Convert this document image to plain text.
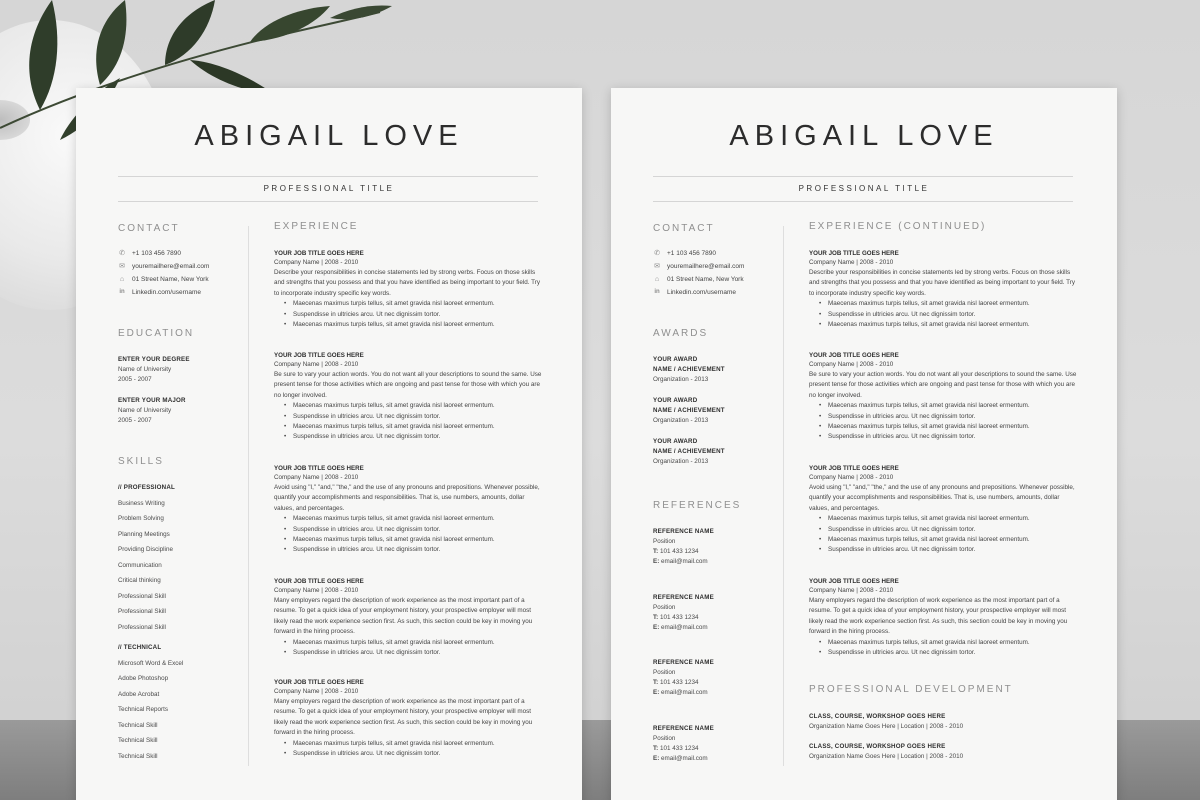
ABIGAIL LOVE
PROFESSIONAL TITLE
CONTACT
✆ +1 103 456 7890
✉ youremailhere@email.com
⌂ 01 Street Name, New York
in Linkedin.com/username
EDUCATION
ENTER YOUR DEGREE
Name of University
2005 - 2007
ENTER YOUR MAJOR
Name of University
2005 - 2007
SKILLS
// PROFESSIONAL
Business Writing
Problem Solving
Planning Meetings
Providing Discipline
Communication
Critical thinking
Professional Skill
Professional Skill
Professional Skill
// TECHNICAL
Microsoft Word & Excel
Adobe Photoshop
Adobe Acrobat
Technical Reports
Technical Skill
Technical Skill
Technical Skill
EXPERIENCE
YOUR JOB TITLE GOES HERE
Company Name | 2008 - 2010
Describe your responsibilities in concise statements led by strong verbs. Focus on those skills and strengths that you possess and that you have identified as being important to your field. Try to incorporate industry specific key words.
• Maecenas maximus turpis tellus, sit amet gravida nisl laoreet ermentum.
• Suspendisse in ultricies arcu. Ut nec dignissim tortor.
• Maecenas maximus turpis tellus, sit amet gravida nisl laoreet ermentum.
YOUR JOB TITLE GOES HERE
Company Name | 2008 - 2010
Be sure to vary your action words. You do not want all your descriptions to sound the same. Use present tense for those activities which are ongoing and past tense for those with which you are no longer involved.
• Maecenas maximus turpis tellus, sit amet gravida nisl laoreet ermentum.
• Suspendisse in ultricies arcu. Ut nec dignissim tortor.
• Maecenas maximus turpis tellus, sit amet gravida nisl laoreet ermentum.
• Suspendisse in ultricies arcu. Ut nec dignissim tortor.
YOUR JOB TITLE GOES HERE
Company Name | 2008 - 2010
Avoid using "I," "and," "the," and the use of any pronouns and prepositions. Whenever possible, quantify your accomplishments and responsibilities. That is, use numbers, amounts, dollar values, and percentages.
• Maecenas maximus turpis tellus, sit amet gravida nisl laoreet ermentum.
• Suspendisse in ultricies arcu. Ut nec dignissim tortor.
• Maecenas maximus turpis tellus, sit amet gravida nisl laoreet ermentum.
• Suspendisse in ultricies arcu. Ut nec dignissim tortor.
YOUR JOB TITLE GOES HERE
Company Name | 2008 - 2010
Many employers regard the description of work experience as the most important part of a resume. To get a quick idea of your employment history, your prospective employer will most likely read the work experience section first. As such, this section could be key in moving you forward in the hiring process.
• Maecenas maximus turpis tellus, sit amet gravida nisl laoreet ermentum.
• Suspendisse in ultricies arcu. Ut nec dignissim tortor.
YOUR JOB TITLE GOES HERE
Company Name | 2008 - 2010
Many employers regard the description of work experience as the most important part of a resume. To get a quick idea of your employment history, your prospective employer will most likely read the work experience section first. As such, this section could be key in moving you forward in the hiring process.
• Maecenas maximus turpis tellus, sit amet gravida nisl laoreet ermentum.
• Suspendisse in ultricies arcu. Ut nec dignissim tortor.
ABIGAIL LOVE
PROFESSIONAL TITLE
CONTACT
✆ +1 103 456 7890
✉ youremailhere@email.com
⌂ 01 Street Name, New York
in Linkedin.com/username
AWARDS
YOUR AWARD
NAME / ACHIEVEMENT
Organization - 2013
YOUR AWARD
NAME / ACHIEVEMENT
Organization - 2013
YOUR AWARD
NAME / ACHIEVEMENT
Organization - 2013
REFERENCES
REFERENCE NAME
Position
T: 101 433 1234
E: email@mail.com
REFERENCE NAME
Position
T: 101 433 1234
E: email@mail.com
REFERENCE NAME
Position
T: 101 433 1234
E: email@mail.com
REFERENCE NAME
Position
T: 101 433 1234
E: email@mail.com
EXPERIENCE (CONTINUED)
YOUR JOB TITLE GOES HERE
Company Name | 2008 - 2010
Describe your responsibilities in concise statements led by strong verbs. Focus on those skills and strengths that you possess and that you have identified as being important to your field. Try to incorporate industry specific key words.
• Maecenas maximus turpis tellus, sit amet gravida nisl laoreet ermentum.
• Suspendisse in ultricies arcu. Ut nec dignissim tortor.
• Maecenas maximus turpis tellus, sit amet gravida nisl laoreet ermentum.
YOUR JOB TITLE GOES HERE
Company Name | 2008 - 2010
Be sure to vary your action words. You do not want all your descriptions to sound the same. Use present tense for those activities which are ongoing and past tense for those with which you are no longer involved.
• Maecenas maximus turpis tellus, sit amet gravida nisl laoreet ermentum.
• Suspendisse in ultricies arcu. Ut nec dignissim tortor.
• Maecenas maximus turpis tellus, sit amet gravida nisl laoreet ermentum.
• Suspendisse in ultricies arcu. Ut nec dignissim tortor.
YOUR JOB TITLE GOES HERE
Company Name | 2008 - 2010
Avoid using "I," "and," "the," and the use of any pronouns and prepositions. Whenever possible, quantify your accomplishments and responsibilities. That is, use numbers, amounts, dollar values, and percentages.
• Maecenas maximus turpis tellus, sit amet gravida nisl laoreet ermentum.
• Suspendisse in ultricies arcu. Ut nec dignissim tortor.
• Maecenas maximus turpis tellus, sit amet gravida nisl laoreet ermentum.
• Suspendisse in ultricies arcu. Ut nec dignissim tortor.
YOUR JOB TITLE GOES HERE
Company Name | 2008 - 2010
Many employers regard the description of work experience as the most important part of a resume. To get a quick idea of your employment history, your prospective employer will most likely read the work experience section first. As such, this section could be key in moving you forward in the hiring process.
• Maecenas maximus turpis tellus, sit amet gravida nisl laoreet ermentum.
• Suspendisse in ultricies arcu. Ut nec dignissim tortor.
PROFESSIONAL DEVELOPMENT
CLASS, COURSE, WORKSHOP GOES HERE
Organization Name Goes Here | Location | 2008 - 2010
CLASS, COURSE, WORKSHOP GOES HERE
Organization Name Goes Here | Location | 2008 - 2010
